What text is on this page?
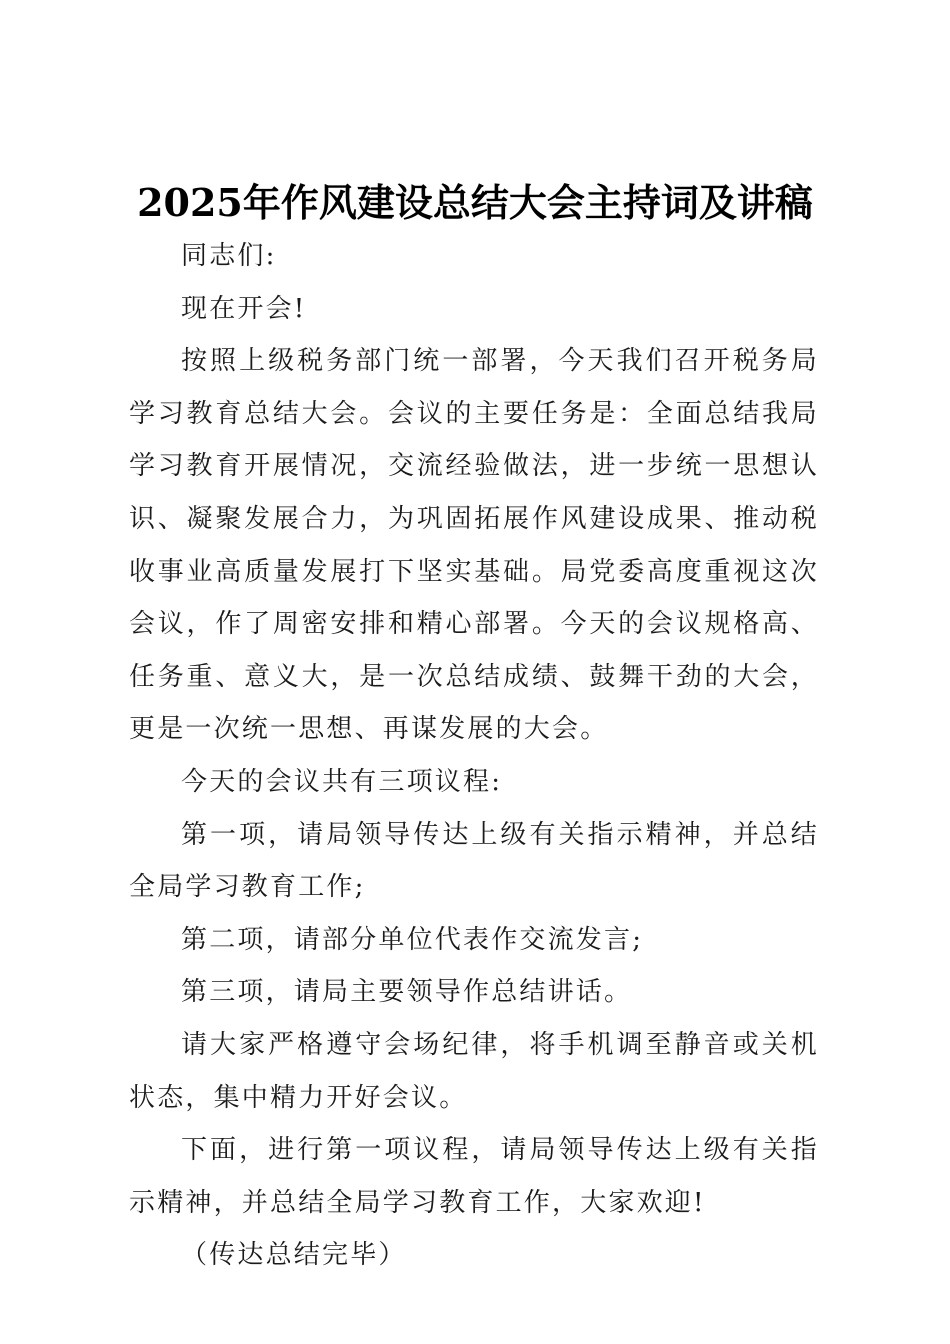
2025年作风建设总结大会主持词及讲稿

同志们:

现在开会!

按照上级税务部门统一部署，今天我们召开税务局学习教育总结大会。会议的主要任务是：全面总结我局学习教育开展情况，交流经验做法，进一步统一思想认识、凝聚发展合力，为巩固拓展作风建设成果、推动税收事业高质量发展打下坚实基础。局党委高度重视这次会议，作了周密安排和精心部署。今天的会议规格高、任务重、意义大，是一次总结成绩、鼓舞干劲的大会，更是一次统一思想、再谋发展的大会。

今天的会议共有三项议程:

第一项，请局领导传达上级有关指示精神，并总结全局学习教育工作;

第二项，请部分单位代表作交流发言;

第三项，请局主要领导作总结讲话。

请大家严格遵守会场纪律，将手机调至静音或关机状态，集中精力开好会议。

下面，进行第一项议程，请局领导传达上级有关指示精神，并总结全局学习教育工作，大家欢迎!

（传达总结完毕）
